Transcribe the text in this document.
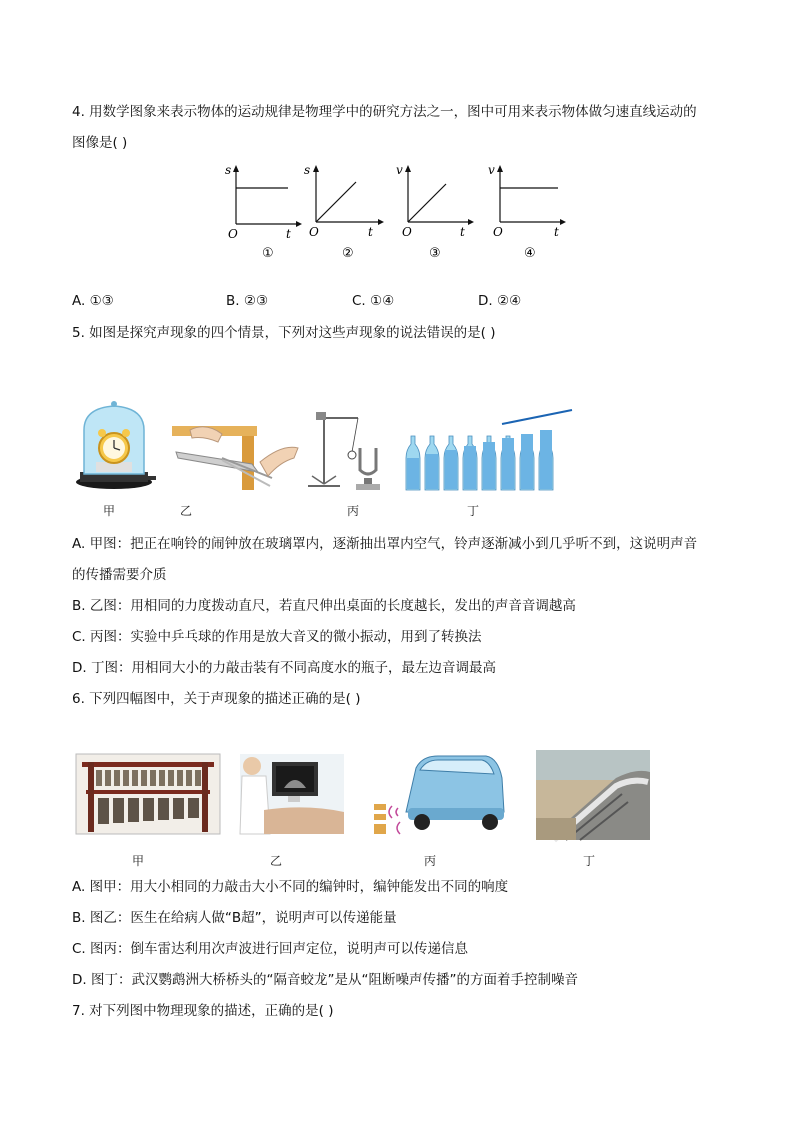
4. 用数学图象来表示物体的运动规律是物理学中的研究方法之一，图中可用来表示物体做匀速直线运动的
图像是( )
s
t
O
①
s
t
O
②
v
t
O
③
v
t
O
④
A. ①③	B. ②③	C. ①④	D. ②④
5. 如图是探究声现象的四个情景，下列对这些声现象的说法错误的是( )
甲	乙	丙	丁
A. 甲图：把正在响铃的闹钟放在玻璃罩内，逐渐抽出罩内空气，铃声逐渐减小到几乎听不到，这说明声音
的传播需要介质
B. 乙图：用相同的力度拨动直尺，若直尺伸出桌面的长度越长，发出的声音音调越高
C. 丙图：实验中乒乓球的作用是放大音叉的微小振动，用到了转换法
D. 丁图：用相同大小的力敲击装有不同高度水的瓶子，最左边音调最高
6. 下列四幅图中，关于声现象的描述正确的是( )
甲	乙	丙	丁
A. 图甲：用大小相同的力敲击大小不同的编钟时，编钟能发出不同的响度
B. 图乙：医生在给病人做“B超”，说明声可以传递能量
C. 图丙：倒车雷达利用次声波进行回声定位，说明声可以传递信息
D. 图丁：武汉鹦鹉洲大桥桥头的“隔音蛟龙”是从“阻断噪声传播”的方面着手控制噪音
7. 对下列图中物理现象的描述，正确的是( )
